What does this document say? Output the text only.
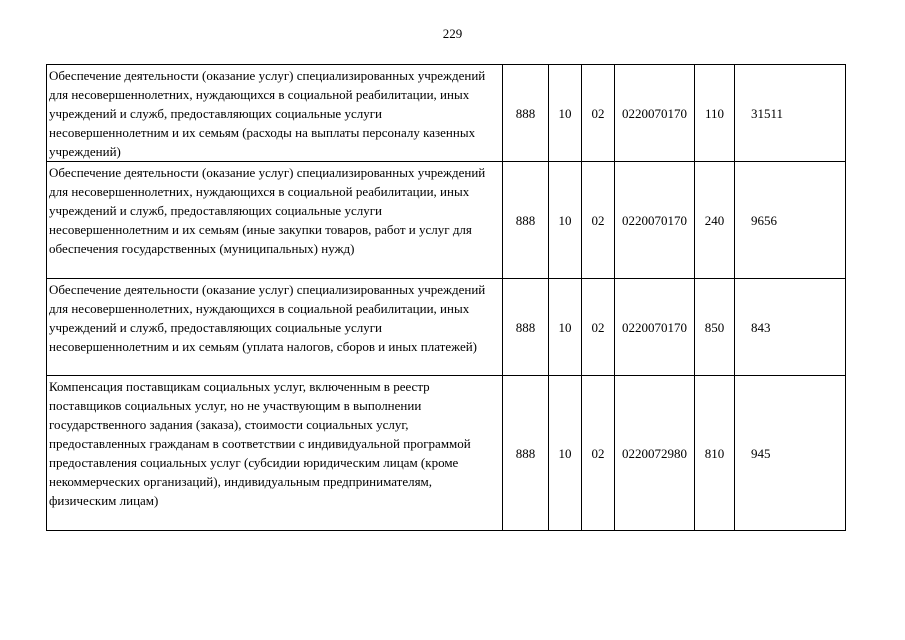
229
Обеспечение деятельности (оказание услуг) специализированных учреждений для несовершеннолетних, нуждающихся в социальной реабилитации, иных учреждений и служб, предоставляющих социальные услуги несовершеннолетним и их семьям (расходы на выплаты персоналу казенных учреждений)	888	10	02	0220070170	110	31511
Обеспечение деятельности (оказание услуг) специализированных учреждений для несовершеннолетних, нуждающихся в социальной реабилитации, иных учреждений и служб, предоставляющих социальные услуги несовершеннолетним и их семьям (иные закупки товаров, работ и услуг для обеспечения государственных (муниципальных) нужд)	888	10	02	0220070170	240	9656
Обеспечение деятельности (оказание услуг) специализированных учреждений для несовершеннолетних, нуждающихся в социальной реабилитации, иных учреждений и служб, предоставляющих социальные услуги несовершеннолетним и их семьям (уплата налогов, сборов и иных платежей)	888	10	02	0220070170	850	843
Компенсация поставщикам социальных услуг, включенным в реестр поставщиков социальных услуг, но не участвующим в выполнении государственного задания (заказа), стоимости социальных услуг, предоставленных гражданам в соответствии с индивидуальной программой предоставления социальных услуг (субсидии юридическим лицам (кроме некоммерческих организаций), индивидуальным предпринимателям, физическим лицам)	888	10	02	0220072980	810	945
